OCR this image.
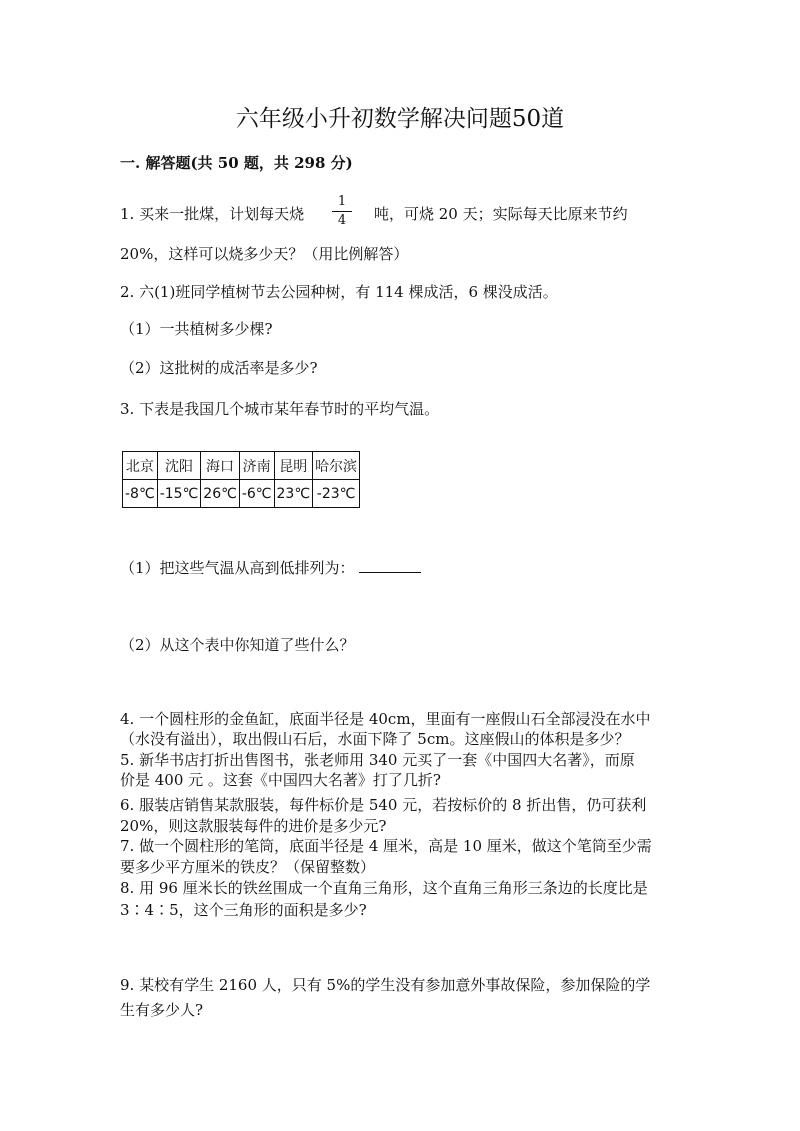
六年级小升初数学解决问题50道
一. 解答题(共 50 题，共 298 分)
1. 买来一批煤，计划每天烧
1
4	吨，可烧 20 天；实际每天比原来节约
20%，这样可以烧多少天？（用比例解答）
2. 六(1)班同学植树节去公园种树，有 114 棵成活，6 棵没成活。
（1）一共植树多少棵?
（2）这批树的成活率是多少?
3. 下表是我国几个城市某年春节时的平均气温。
北京	沈阳	海口	济南	昆明	哈尔滨
-8℃	-15℃	26℃	-6℃	23℃	-23℃
（1）把这些气温从高到低排列为：
（2）从这个表中你知道了些什么？
4. 一个圆柱形的金鱼缸，底面半径是 40cm，里面有一座假山石全部浸没在水中
（水没有溢出），取出假山石后，水面下降了 5cm。这座假山的体积是多少？
5. 新华书店打折出售图书，张老师用 340 元买了一套《中国四大名著》，而原
价是 400 元 。这套《中国四大名著》打了几折?
6. 服装店销售某款服装，每件标价是 540 元，若按标价的 8 折出售，仍可获利
20%，则这款服装每件的进价是多少元?
7. 做一个圆柱形的笔筒，底面半径是 4 厘米，高是 10 厘米，做这个笔筒至少需
要多少平方厘米的铁皮？（保留整数）
8. 用 96 厘米长的铁丝围成一个直角三角形，这个直角三角形三条边的长度比是
3∶4∶5，这个三角形的面积是多少?
9. 某校有学生 2160 人，只有 5%的学生没有参加意外事故保险，参加保险的学
生有多少人?
